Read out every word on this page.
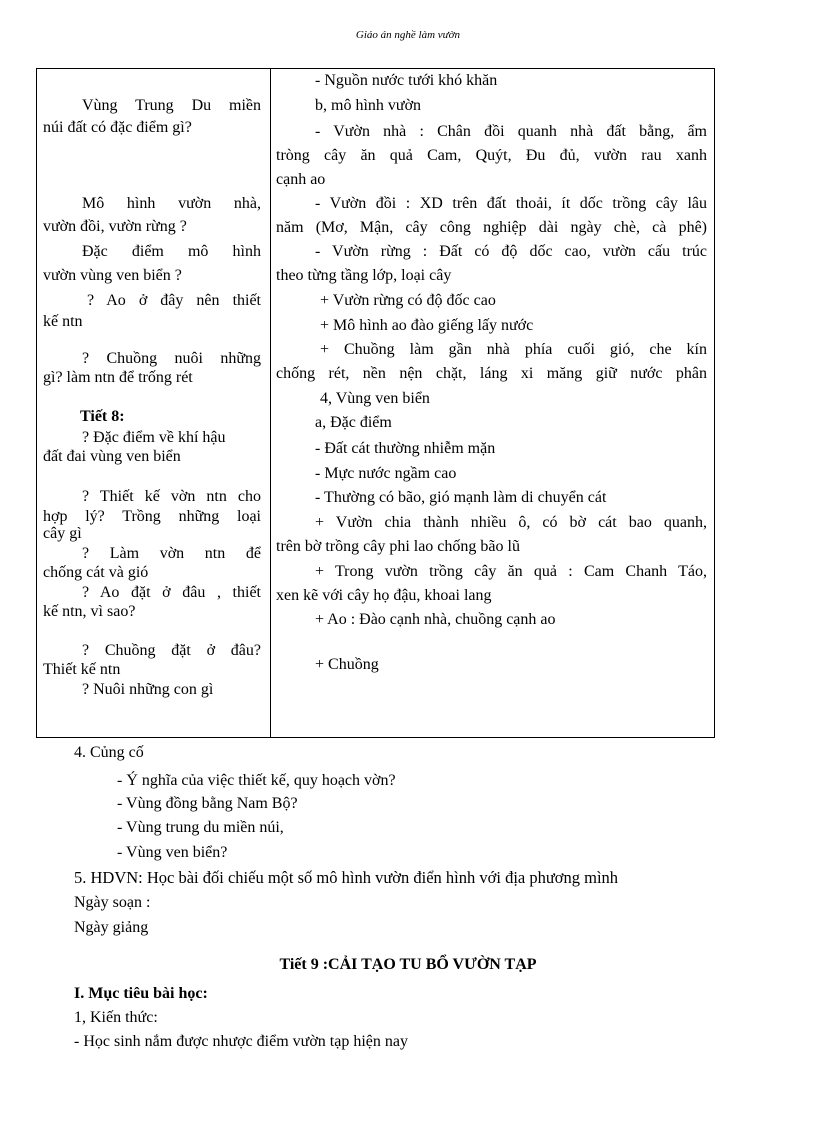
Giáo án nghề làm vườn
Vùng Trung Du miền
núi đất có đặc điểm gì?
Mô hình vườn nhà,
vườn đồi, vườn rừng ?
Đặc điểm mô hình
vườn vùng ven biển ?
? Ao ở đây nên thiết
kế ntn
? Chuồng nuôi những
gì? làm ntn để trống rét
Tiết 8:
? Đặc điểm về khí hậu
đất đai vùng ven biển
? Thiết kế vờn ntn cho
hợp lý? Trồng những loại
cây gì
? Làm vờn ntn để
chống cát và gió
? Ao đặt ở đâu , thiết
kế ntn, vì sao?
? Chuồng đặt ở đâu?
Thiết kế ntn
? Nuôi những con gì
- Nguồn nước tưới khó khăn
b, mô hình vườn
- Vườn nhà : Chân đồi quanh nhà đất bằng, ẩm
tròng cây ăn quả Cam, Quýt, Đu đủ, vườn rau xanh
cạnh ao
- Vườn đồi : XD trên đất thoải, ít dốc trồng cây lâu
năm (Mơ, Mận, cây công nghiệp dài ngày chè, cà phê)
- Vườn rừng : Đất có độ dốc cao, vườn cấu trúc
theo từng tầng lớp, loại cây
+ Vườn rừng có độ đốc cao
+ Mô hình ao đào giếng lấy nước
+ Chuồng làm gần nhà phía cuối gió, che kín
chống rét, nền nện chặt, láng xi măng giữ nước phân
4, Vùng ven biển
a, Đặc điểm
- Đất cát thường nhiễm mặn
- Mực nước ngầm cao
- Thường có bão, gió mạnh làm di chuyển cát
+ Vườn chia thành nhiều ô, có bờ cát bao quanh,
trên bờ trồng cây phi lao chống bão lũ
+ Trong vườn trồng cây ăn quả : Cam Chanh Táo,
xen kẽ với cây họ đậu, khoai lang
+ Ao : Đào cạnh nhà, chuồng cạnh ao
+ Chuồng
4. Củng cố
- Ý nghĩa của việc thiết kế, quy hoạch vờn?
- Vùng đồng bằng Nam Bộ?
- Vùng trung du miền núi,
- Vùng ven biển?
5. HDVN: Học bài đối chiếu một số mô hình vườn điển hình với địa phương mình
Ngày soạn :
Ngày giảng
Tiết 9 :CẢI TẠO TU BỔ VƯỜN TẠP
I. Mục tiêu bài học:
1, Kiến thức:
- Học sinh nắm được nhược điểm vườn tạp hiện nay
